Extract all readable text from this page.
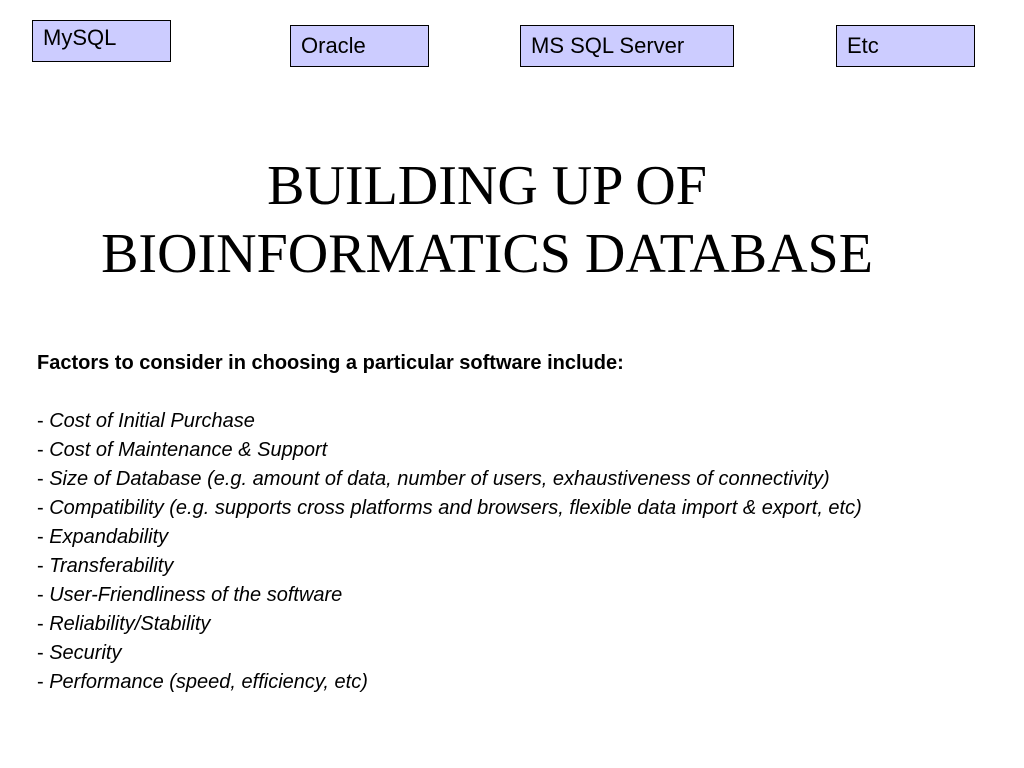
MySQL	Oracle	MS SQL Server	Etc
BUILDING UP OF
BIOINFORMATICS DATABASE

Factors to consider in choosing a particular software include:

- Cost of Initial Purchase
- Cost of Maintenance & Support
- Size of Database (e.g. amount of data, number of users, exhaustiveness of connectivity)
- Compatibility (e.g. supports cross platforms and browsers, flexible data import & export, etc)
- Expandability
- Transferability
- User-Friendliness of the software
- Reliability/Stability
- Security
- Performance (speed, efficiency, etc)
